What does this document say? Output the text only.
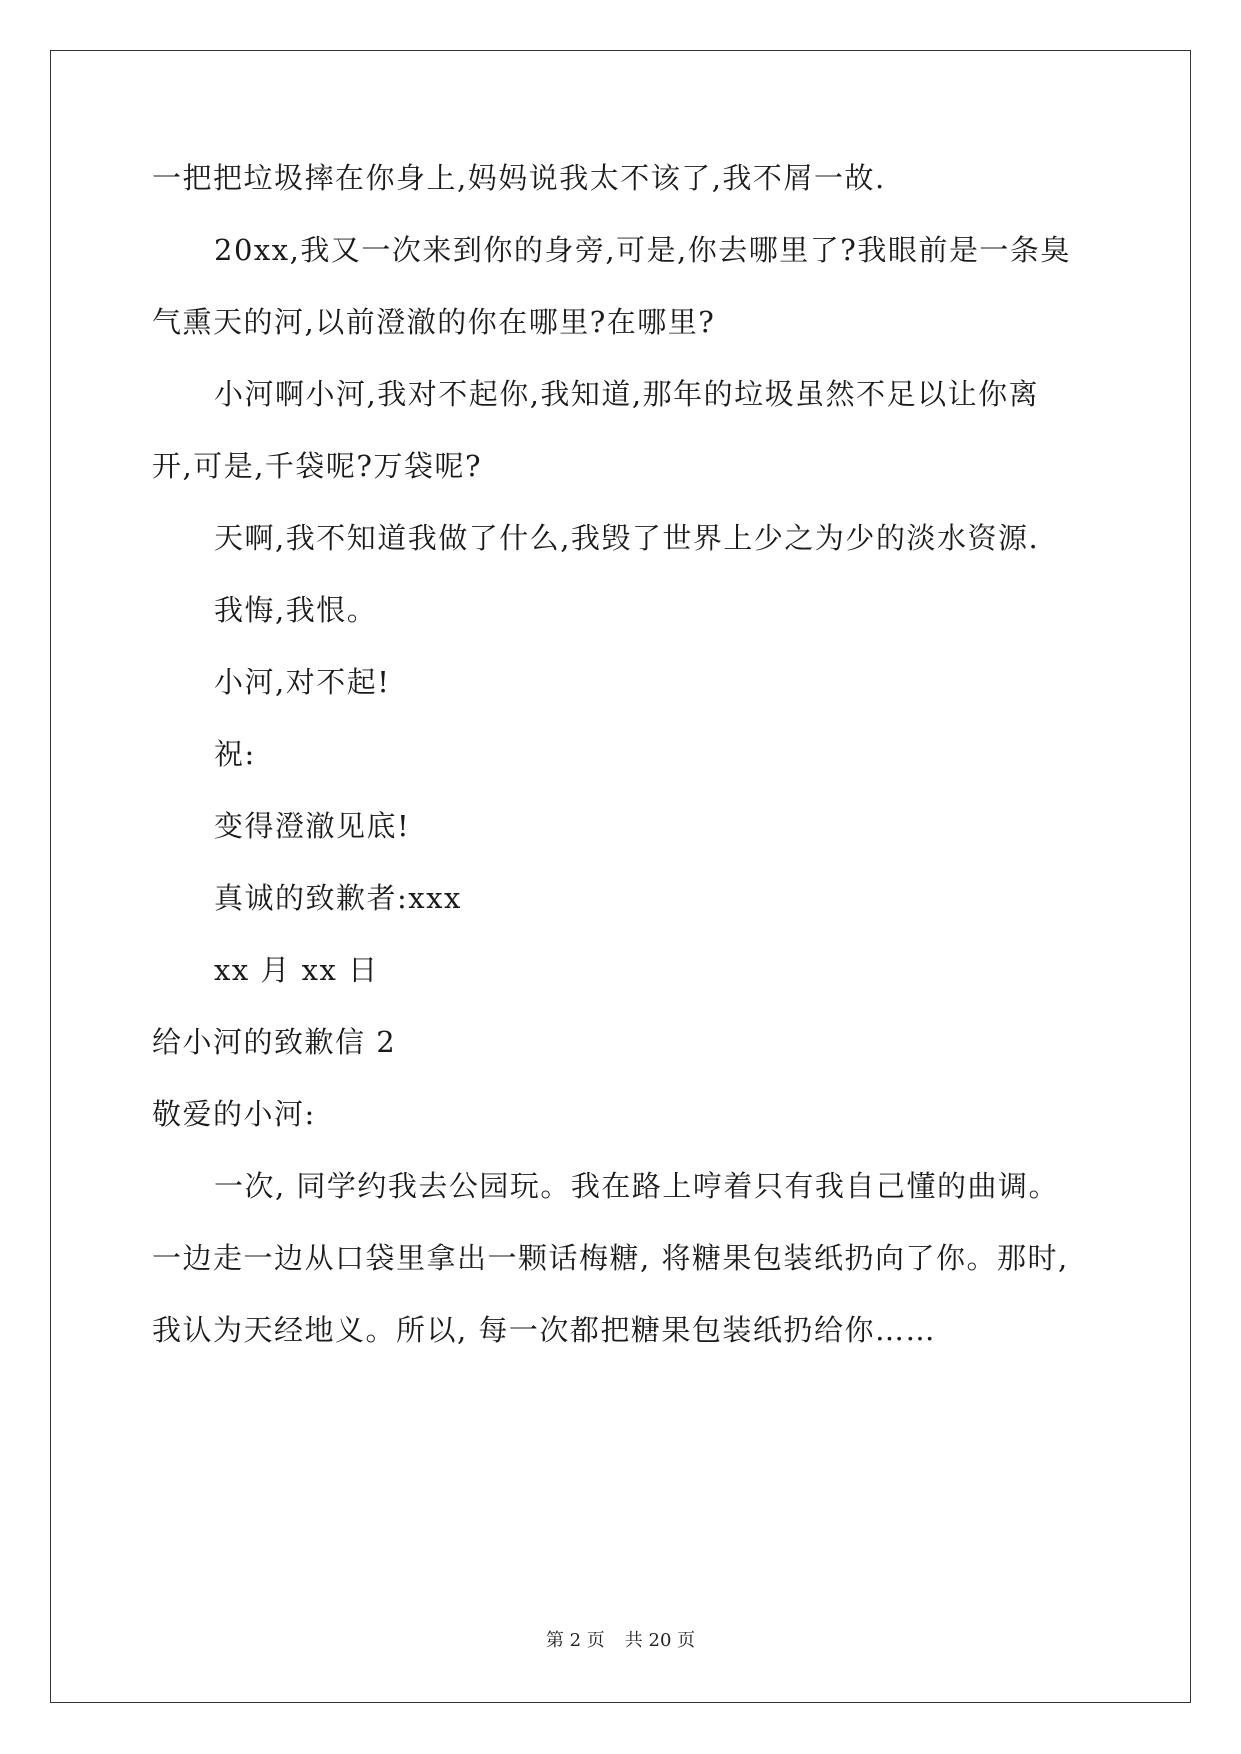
一把把垃圾摔在你身上,妈妈说我太不该了,我不屑一故.
20xx,我又一次来到你的身旁,可是,你去哪里了?我眼前是一条臭
气熏天的河,以前澄澈的你在哪里?在哪里?
小河啊小河,我对不起你,我知道,那年的垃圾虽然不足以让你离
开,可是,千袋呢?万袋呢?
天啊,我不知道我做了什么,我毁了世界上少之为少的淡水资源.
我悔,我恨。
小河,对不起!
祝:
变得澄澈见底!
真诚的致歉者:xxx
xx 月 xx 日
给小河的致歉信 2
敬爱的小河:
一次, 同学约我去公园玩。我在路上哼着只有我自己懂的曲调。
一边走一边从口袋里拿出一颗话梅糖, 将糖果包装纸扔向了你。那时,
我认为天经地义。所以, 每一次都把糖果包装纸扔给你……
第 2 页 共 20 页
